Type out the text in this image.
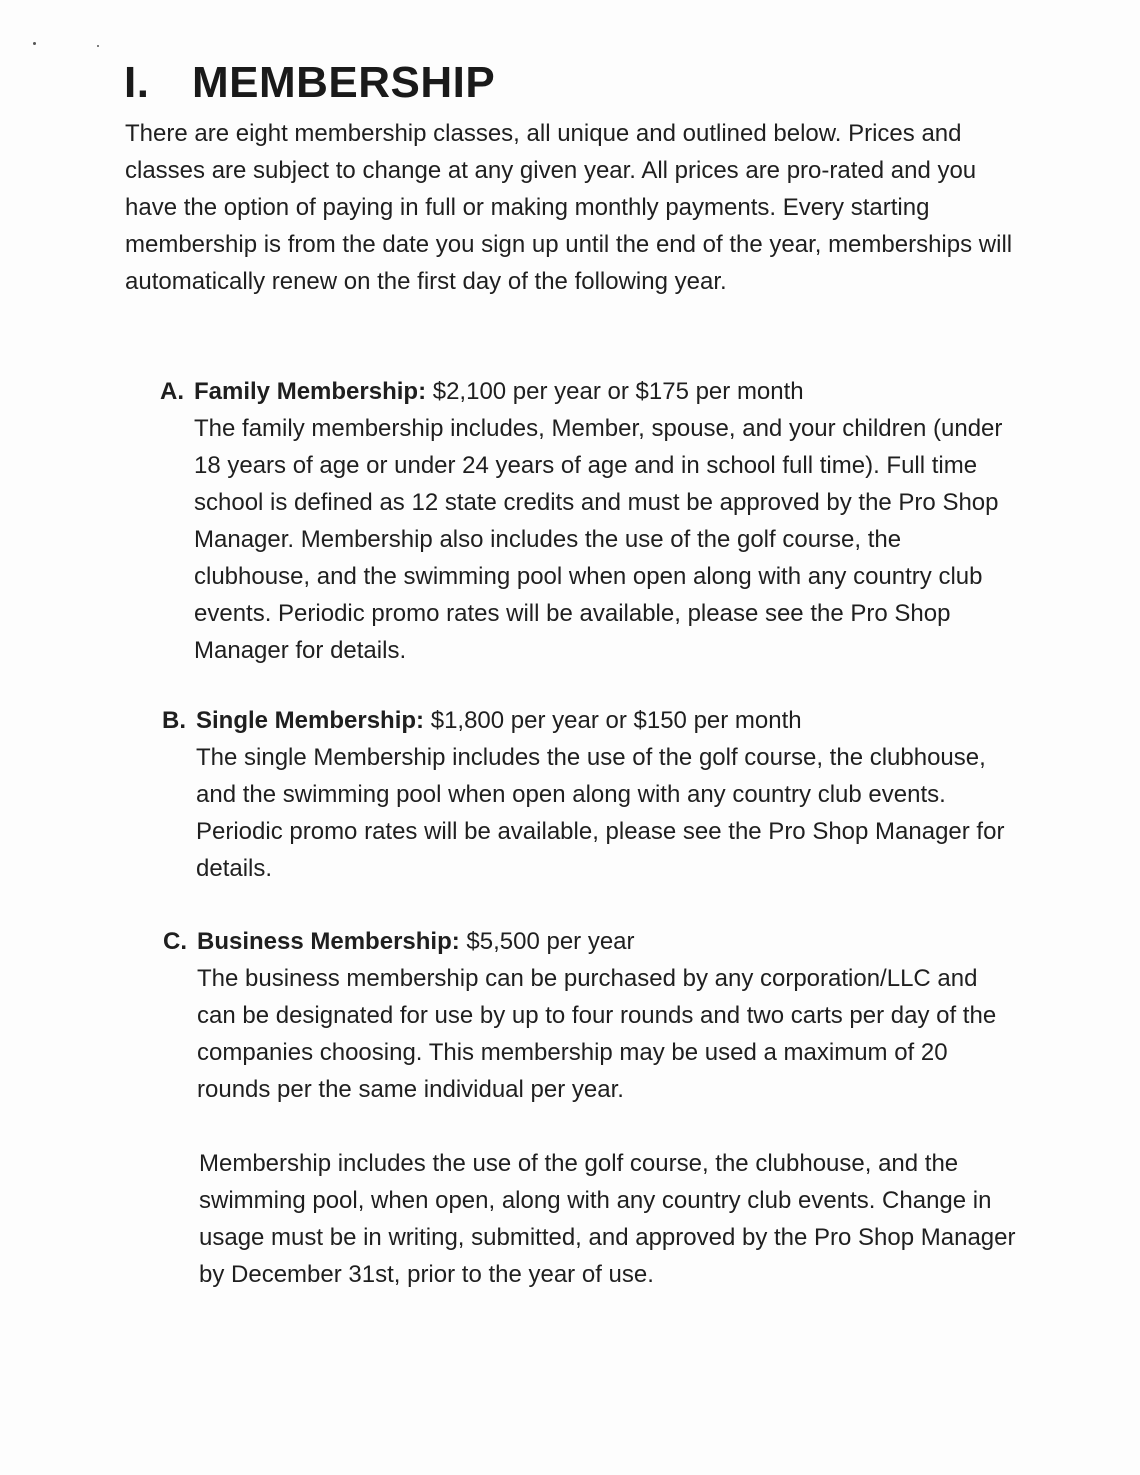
I. MEMBERSHIP

There are eight membership classes, all unique and outlined below. Prices and classes are subject to change at any given year. All prices are pro-rated and you have the option of paying in full or making monthly payments. Every starting membership is from the date you sign up until the end of the year, memberships will automatically renew on the first day of the following year.

A. Family Membership: $2,100 per year or $175 per month

The family membership includes, Member, spouse, and your children (under 18 years of age or under 24 years of age and in school full time). Full time school is defined as 12 state credits and must be approved by the Pro Shop Manager. Membership also includes the use of the golf course, the clubhouse, and the swimming pool when open along with any country club events. Periodic promo rates will be available, please see the Pro Shop Manager for details.

B. Single Membership: $1,800 per year or $150 per month

The single Membership includes the use of the golf course, the clubhouse, and the swimming pool when open along with any country club events. Periodic promo rates will be available, please see the Pro Shop Manager for details.

C. Business Membership: $5,500 per year

The business membership can be purchased by any corporation/LLC and can be designated for use by up to four rounds and two carts per day of the companies choosing. This membership may be used a maximum of 20 rounds per the same individual per year.

Membership includes the use of the golf course, the clubhouse, and the swimming pool, when open, along with any country club events. Change in usage must be in writing, submitted, and approved by the Pro Shop Manager by December 31st, prior to the year of use.
